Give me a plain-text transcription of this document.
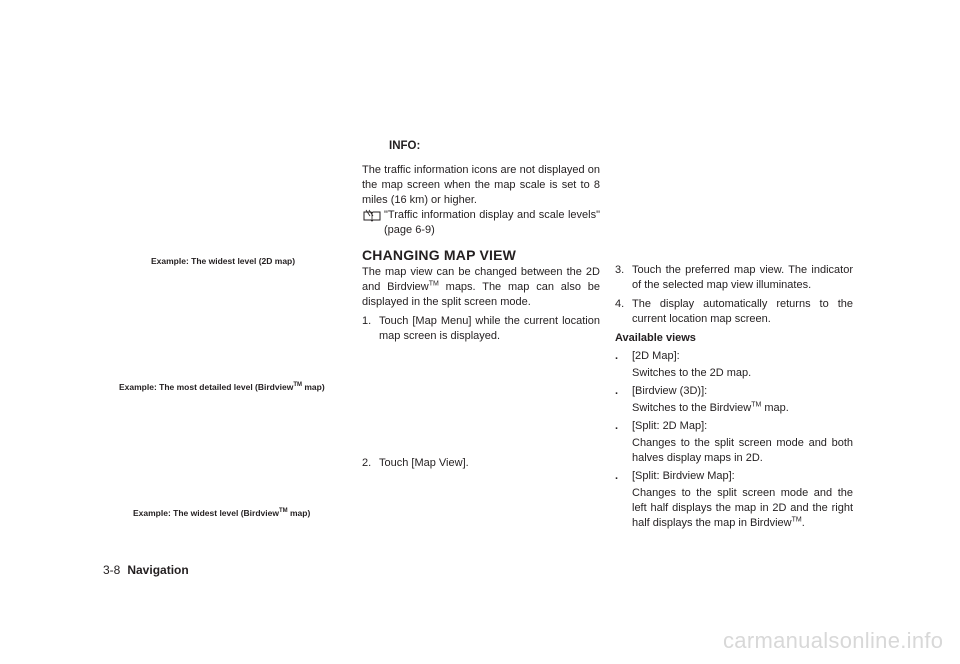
Example: The widest level (2D map)
Example: The most detailed level (Birdview™ map)
Example: The widest level (Birdview™ map)
INFO:
The traffic information icons are not displayed on the map screen when the map scale is set to 8 miles (16 km) or higher.
"Traffic information display and scale levels" (page 6-9)
CHANGING MAP VIEW
The map view can be changed between the 2D and Birdview™ maps. The map can also be displayed in the split screen mode.
1. Touch [Map Menu] while the current location map screen is displayed.
2. Touch [Map View].
3. Touch the preferred map view. The indicator of the selected map view illuminates.
4. The display automatically returns to the current location map screen.
Available views
.	[2D Map]:
Switches to the 2D map.
.	[Birdview (3D)]:
Switches to the Birdview™ map.
.	[Split: 2D Map]:
Changes to the split screen mode and both halves display maps in 2D.
.	[Split: Birdview Map]:
Changes to the split screen mode and the left half displays the map in 2D and the right half displays the map in Birdview™.
3-8 Navigation
carmanualsonline.info
